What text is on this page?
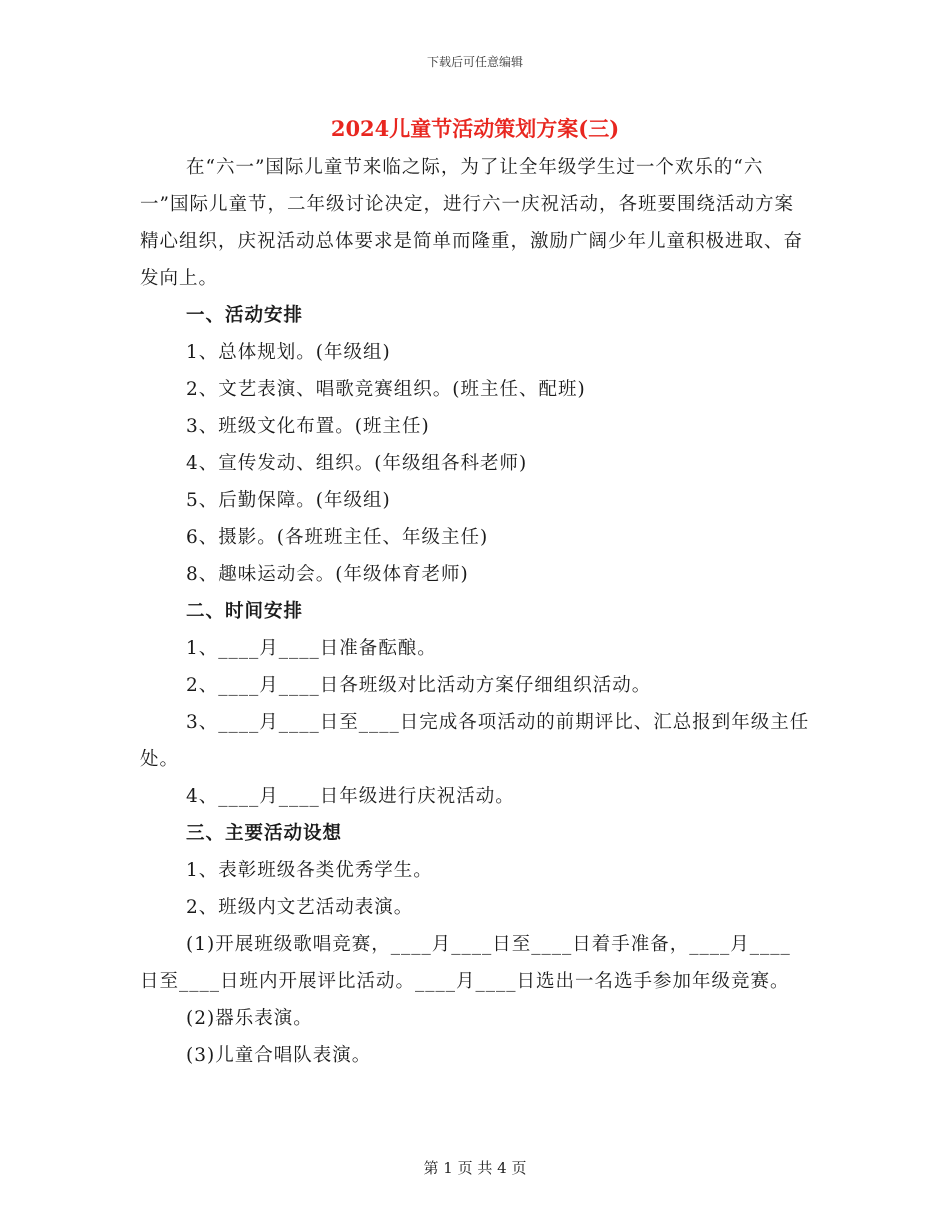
下载后可任意编辑
2024儿童节活动策划方案(三)

在“六一”国际儿童节来临之际，为了让全年级学生过一个欢乐的“六一”国际儿童节，二年级讨论决定，进行六一庆祝活动，各班要围绕活动方案精心组织，庆祝活动总体要求是简单而隆重，激励广阔少年儿童积极进取、奋发向上。

一、活动安排

1、总体规划。(年级组)

2、文艺表演、唱歌竞赛组织。(班主任、配班)

3、班级文化布置。(班主任)

4、宣传发动、组织。(年级组各科老师)

5、后勤保障。(年级组)

6、摄影。(各班班主任、年级主任)

8、趣味运动会。(年级体育老师)

二、时间安排

1、____月____日准备酝酿。

2、____月____日各班级对比活动方案仔细组织活动。

3、____月____日至____日完成各项活动的前期评比、汇总报到年级主任处。

4、____月____日年级进行庆祝活动。

三、主要活动设想

1、表彰班级各类优秀学生。

2、班级内文艺活动表演。

(1)开展班级歌唱竞赛，____月____日至____日着手准备，____月____日至____日班内开展评比活动。____月____日选出一名选手参加年级竞赛。

(2)器乐表演。

(3)儿童合唱队表演。

第 1 页 共 4 页
